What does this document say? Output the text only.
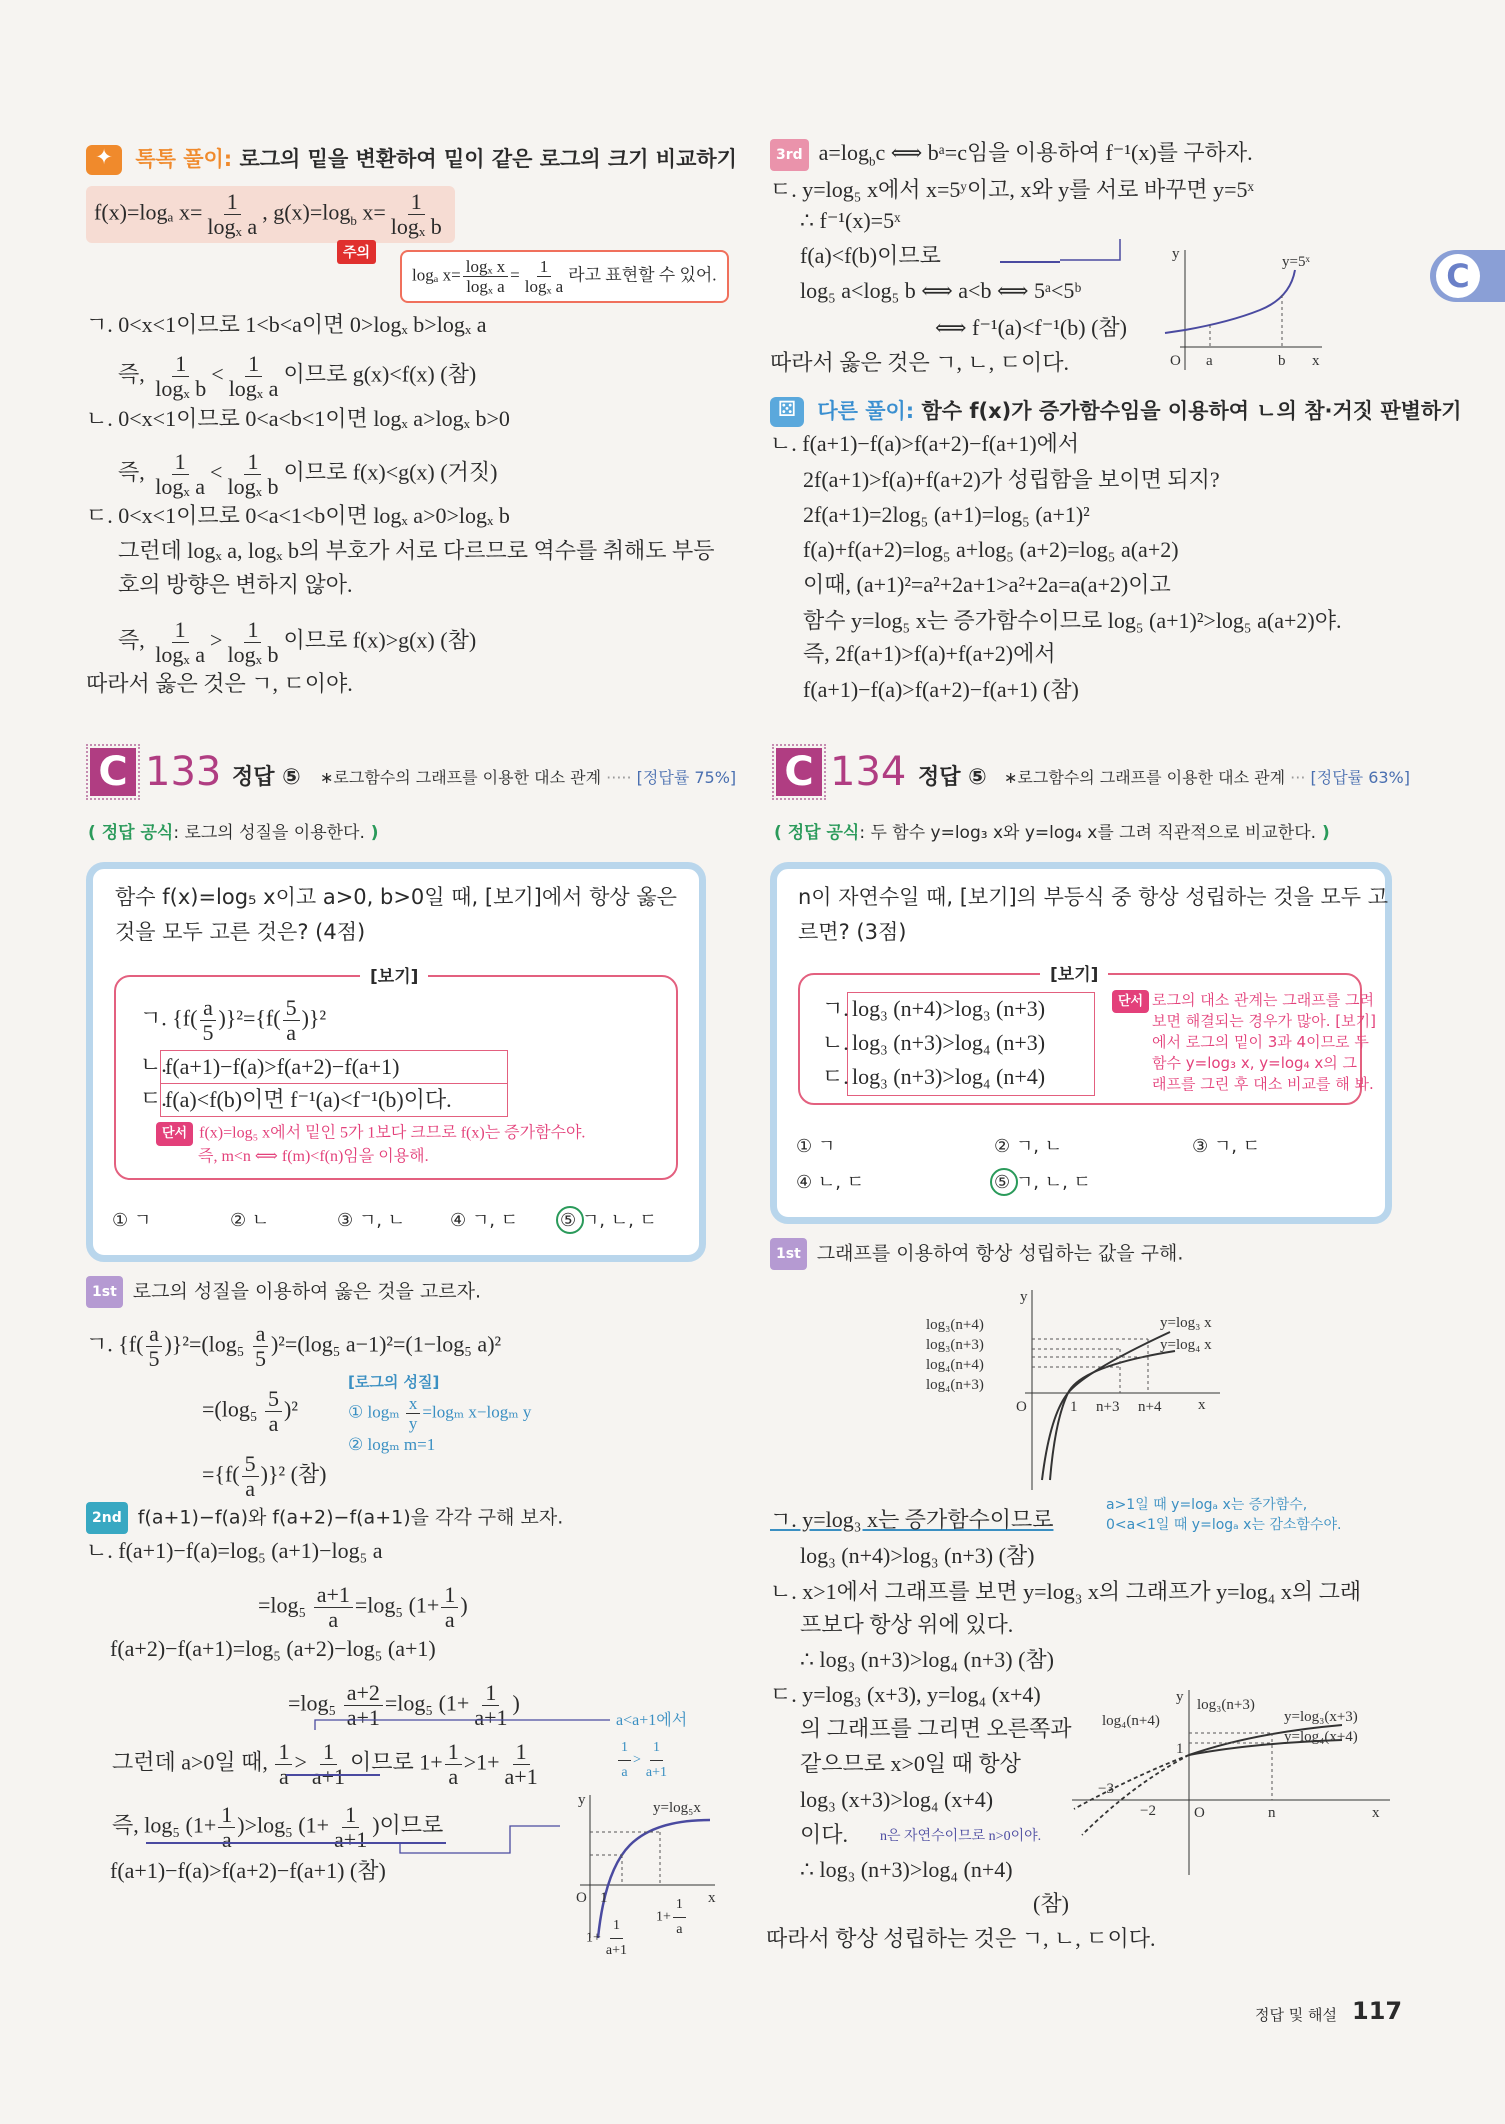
✦ 톡톡 풀이: 로그의 밑을 변환하여 밑이 같은 로그의 크기 비교하기
f(x)=logₐ $x= \frac{1}{\text{logₓ a}}$ , $g(x)=\log_b$ $x= \frac{1}{\text{logₓ b}}$
주의
logₐ $x= \frac{\text{logₓ x}}{\text{logₓ a}} = \frac{1}{\text{logₓ a}}$ 라고 표현할 수 있어.
ㄱ. 0<x<1이므로 1<b<a이면 0>logₓ b>logₓ a
즉, $\frac{1}{\text{logₓ b}} < \frac{1}{\text{logₓ a}}$ 이므로 g(x)<f(x) (참)
ㄴ. 0<x<1이므로 0<a<b<1이면 logₓ a>logₓ b>0
즉, $\frac{1}{\text{logₓ a}} < \frac{1}{\text{logₓ b}}$ 이므로 f(x)<g(x) (거짓)
ㄷ. 0<x<1이므로 0<a<1<b이면 logₓ a>0>logₓ b
그런데 logₓ a, logₓ b의 부호가 서로 다르므로 역수를 취해도 부등
호의 방향은 변하지 않아.
즉, $\frac{1}{\text{logₓ a}} > \frac{1}{\text{logₓ b}}$ 이므로 f(x)>g(x) (참)
따라서 옳은 것은 ㄱ, ㄷ이야.
3rd $a=\log_bc$ ⟺ bᵃ=c임을 이용하여 f⁻¹(x)를 구하자.
ㄷ. y=log₅ x에서 x=5ʸ이고, x와 y를 서로 바꾸면 y=5ˣ
∴ f⁻¹(x)=5ˣ
f(a)<f(b)이므로
log₅ a<log₅ b ⟺ a<b ⟺ 5ᵃ<5ᵇ
⟺ f⁻¹(a)<f⁻¹(b) (참)
따라서 옳은 것은 ㄱ, ㄴ, ㄷ이다.
y	y=5ˣ
O a	b x
⚄ 다른 풀이: 함수 f(x)가 증가함수임을 이용하여 ㄴ의 참·거짓 판별하기
ㄴ. f(a+1)−f(a)>f(a+2)−f(a+1)에서
2f(a+1)>f(a)+f(a+2)가 성립함을 보이면 되지?
2f(a+1)=2log₅ (a+1)=log₅ (a+1)²
f(a)+f(a+2)=log₅ a+log₅ (a+2)=log₅ a(a+2)
이때, (a+1)²=a²+2a+1>a²+2a=a(a+2)이고
함수 y=log₅ x는 증가함수이므로 log₅ (a+1)²>log₅ a(a+2)야.
즉, 2f(a+1)>f(a)+f(a+2)에서
f(a+1)−f(a)>f(a+2)−f(a+1) (참)
C
C 133 정답 ⑤ ∗로그함수의 그래프를 이용한 대소 관계 ····· [정답률 75%]
( 정답 공식: 로그의 성질을 이용한다. )
함수 f(x)=log₅ x이고 a>0, b>0일 때, [보기]에서 항상 옳은
것을 모두 고른 것은? (4점)
[보기]
ㄱ. $\{f( \frac{a}{5} )\}^2=\{f( \frac{5}{a} )\}^2$
ㄴ.
f(a+1)−f(a)>f(a+2)−f(a+1)
ㄷ.
f(a)<f(b)이면 f⁻¹(a)<f⁻¹(b)이다.
단서 f(x)=log₅ x에서 밑인 5가 1보다 크므로 f(x)는 증가함수야.
즉, m<n ⟺ f(m)<f(n)임을 이용해.
① ㄱ	② ㄴ	③ ㄱ, ㄴ ④ ㄱ, ㄷ ⑤ ㄱ, ㄴ, ㄷ
1st 로그의 성질을 이용하여 옳은 것을 고르자.
ㄱ. $\{f( \frac{a}{5} )\}^2=(\log_5 \frac{a}{5} )^2=(\log_5$ a−1)²=(1−log₅ a)²
[로그의 성질]
① logₘ $\frac{x}{y} =\log_m$ x−logₘ y
② logₘ m=1
$=(\log_5 \frac{5}{a} )^2$
$=\{f( \frac{5}{a} )\}^2$ (참)
2nd f(a+1)−f(a)와 f(a+2)−f(a+1)을 각각 구해 보자.
ㄴ. f(a+1)−f(a)=log₅ (a+1)−log₅ a
$=\log_5 \frac{a+1}{a} =\log_5$ ($1+ \frac{1}{a}$ )
f(a+2)−f(a+1)=log₅ (a+2)−log₅ (a+1)
$=\log_5 \frac{a+2}{a+1} =\log_5$ ($1+ \frac{1}{a+1}$ )
a<a+1에서
$\frac{1}{a} > \frac{1}{a+1}$
그런데 a>0일 때, $\frac{1}{a} > \frac{1}{a+1}$ 이므로 $1+ \frac{1}{a} >1+ \frac{1}{a+1}$
즉, log₅ $(1+ \frac{1}{a} )>\log_5$ ($1+ \frac{1}{a+1}$ )이므로
f(a+1)−f(a)>f(a+2)−f(a+1) (참)
y	y=log₅x
O 1	x
$1+ \frac{1}{a}$
$1+ \frac{1}{a+1}$
C 134 정답 ⑤ ∗로그함수의 그래프를 이용한 대소 관계 ··· [정답률 63%]
( 정답 공식: 두 함수 y=log₃ x와 y=log₄ x를 그려 직관적으로 비교한다. )
n이 자연수일 때, [보기]의 부등식 중 항상 성립하는 것을 모두 고
르면? (3점)
[보기]
ㄱ. log₃ (n+4)>log₃ (n+3)
ㄴ. log₃ (n+3)>log₄ (n+3)
ㄷ. log₃ (n+3)>log₄ (n+4)
단서 로그의 대소 관계는 그래프를 그려
보면 해결되는 경우가 많아. [보기]
에서 로그의 밑이 3과 4이므로 두
함수 y=log₃ x, y=log₄ x의 그
래프를 그린 후 대소 비교를 해 봐.
① ㄱ	② ㄱ, ㄴ	③ ㄱ, ㄷ
④ ㄴ, ㄷ	⑤ ㄱ, ㄴ, ㄷ
1st 그래프를 이용하여 항상 성립하는 값을 구해.
y
log₃(n+4)
log₃(n+3)
log₄(n+4)
log₄(n+3)
y=log₃ x
y=log₄ x
O	1 n+3 n+4 x
ㄱ. y=log₃ x는 증가함수이므로
a>1일 때 y=logₐ x는 증가함수,
0<a<1일 때 y=logₐ x는 감소함수야.
log₃ (n+4)>log₃ (n+3) (참)
ㄴ. x>1에서 그래프를 보면 y=log₃ x의 그래프가 y=log₄ x의 그래
프보다 항상 위에 있다.
∴ log₃ (n+3)>log₄ (n+3) (참)
ㄷ. y=log₃ (x+3), y=log₄ (x+4)
의 그래프를 그리면 오른쪽과
같으므로 x>0일 때 항상
log₃ (x+3)>log₄ (x+4)
이다. n은 자연수이므로 n>0이야.
∴ log₃ (n+3)>log₄ (n+4)
(참)
따라서 항상 성립하는 것은 ㄱ, ㄴ, ㄷ이다.
y log₃(n+3)
log₄(n+4)	y=log₃(x+3)
y=log₄(x+4)
1
−3
−2	O	n	x
정답 및 해설 117
